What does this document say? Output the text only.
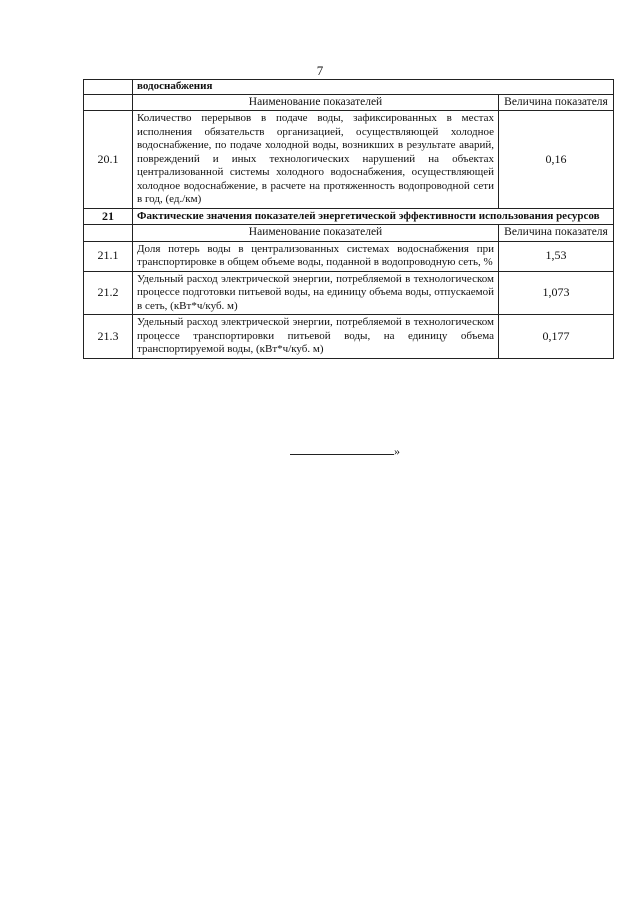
7
	водоснабжения	
	Наименование показателей	Величина показателя
20.1	Количество перерывов в подаче воды, зафиксированных в местах исполнения обязательств организацией, осуществляющей холодное водоснабжение, по подаче холодной воды, возникших в результате аварий, повреждений и иных технологических нарушений на объектах централизованной системы холодного водоснабжения, осуществляющей холодное водоснабжение, в расчете на протяженность водопроводной сети в год, (ед./км)	0,16
21	Фактические значения показателей энергетической эффективности использования ресурсов	
	Наименование показателей	Величина показателя
21.1	Доля потерь воды в централизованных системах водоснабжения при транспортировке в общем объеме воды, поданной в водопроводную сеть, %	1,53
21.2	Удельный расход электрической энергии, потребляемой в технологическом процессе подготовки питьевой воды, на единицу объема воды, отпускаемой в сеть, (кВт*ч/куб. м)	1,073
21.3	Удельный расход электрической энергии, потребляемой в технологическом процессе транспортировки питьевой воды, на единицу объема транспортируемой воды, (кВт*ч/куб. м)	0,177
»
